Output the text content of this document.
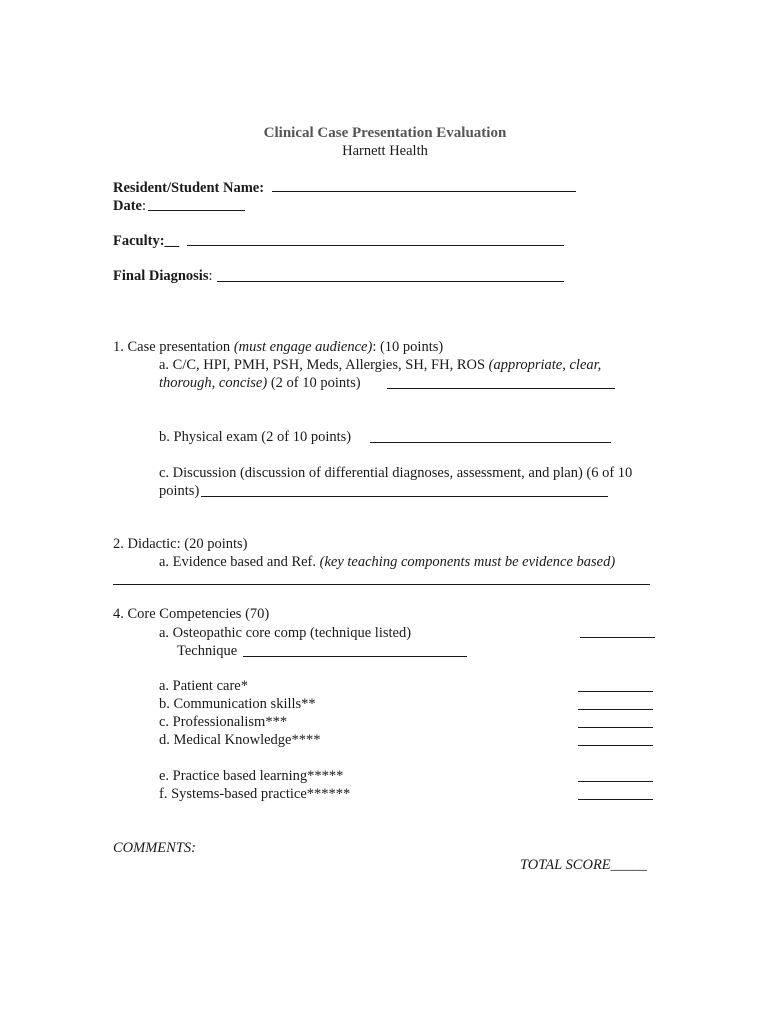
Clinical Case Presentation Evaluation
Harnett Health
Resident/Student Name:
Date:
Faculty:__
Final Diagnosis:
1. Case presentation (must engage audience): (10 points)
a. C/C, HPI, PMH, PSH, Meds, Allergies, SH, FH, ROS (appropriate, clear,
thorough, concise) (2 of 10 points)
b. Physical exam (2 of 10 points)
c. Discussion (discussion of differential diagnoses, assessment, and plan) (6 of 10
points)
2. Didactic: (20 points)
a. Evidence based and Ref. (key teaching components must be evidence based)
4. Core Competencies (70)
a. Osteopathic core comp (technique listed)
Technique
a. Patient care*
b. Communication skills**
c. Professionalism***
d. Medical Knowledge****
e. Practice based learning*****
f. Systems-based practice******
COMMENTS:
TOTAL SCORE_____
